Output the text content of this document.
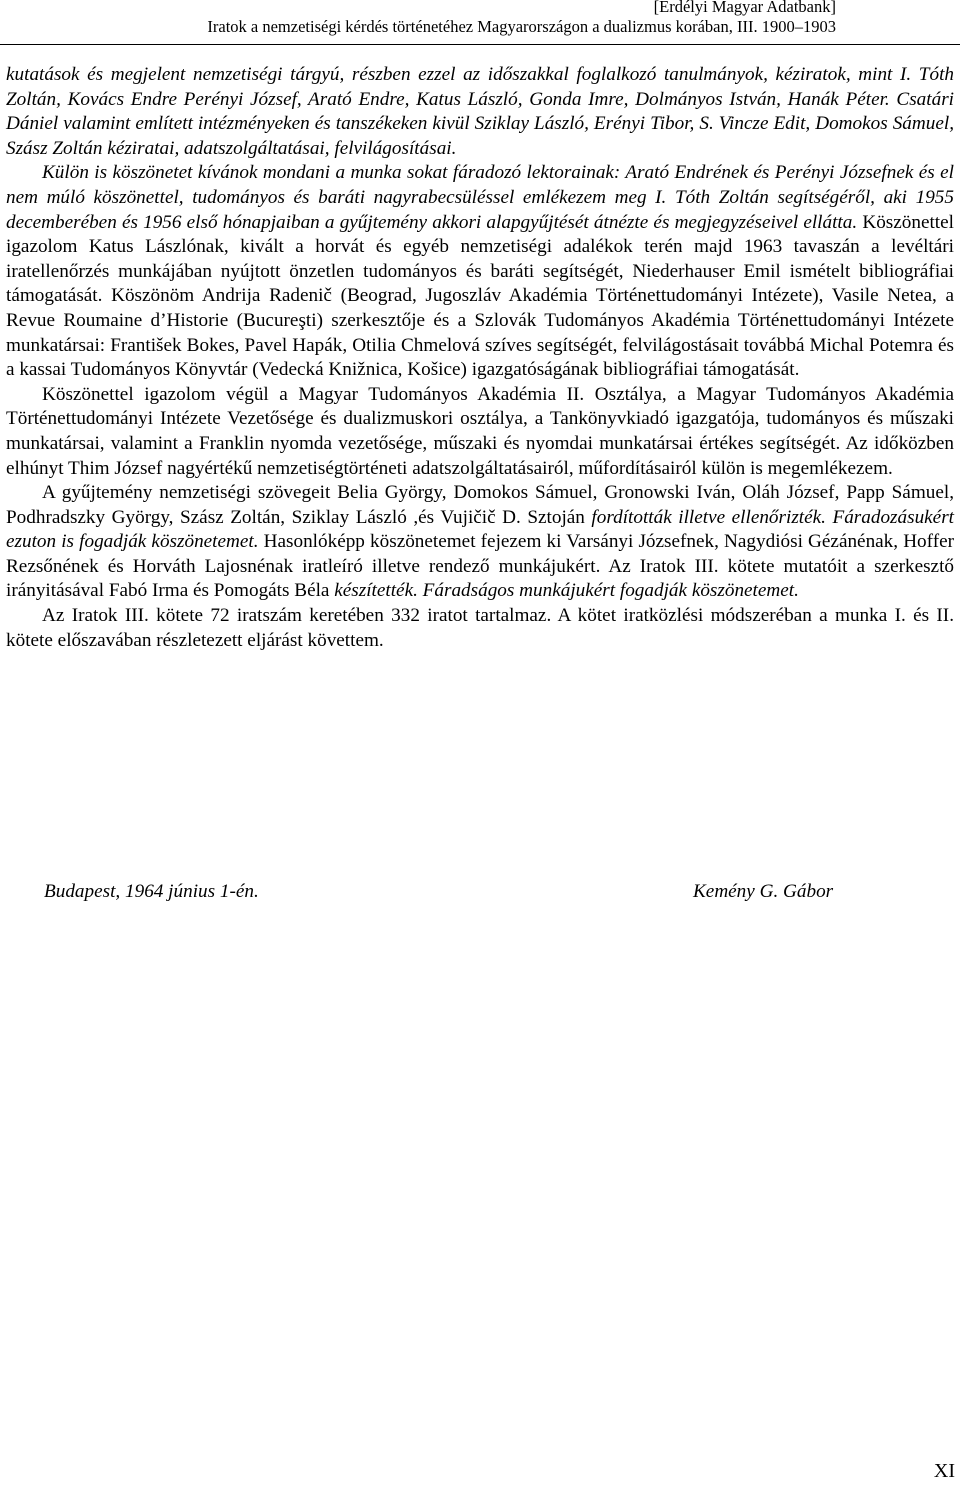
[Erdélyi Magyar Adatbank]
Iratok a nemzetiségi kérdés történetéhez Magyarországon a dualizmus korában, III. 1900–1903

kutatások és megjelent nemzetiségi tárgyú, részben ezzel az időszakkal foglalkozó tanulmányok, kéziratok, mint I. Tóth Zoltán, Kovács Endre Perényi József, Arató Endre, Katus László, Gonda Imre, Dolmányos István, Hanák Péter. Csatári Dániel valamint említett intézményeken és tanszékeken kivül Sziklay László, Erényi Tibor, S. Vincze Edit, Domokos Sámuel, Szász Zoltán kéziratai, adatszolgáltatásai, felvilágosításai.

Külön is köszönetet kívánok mondani a munka sokat fáradozó lektorainak: Arató Endrének és Perényi Józsefnek és el nem múló köszönettel, tudományos és baráti nagyrabecsüléssel emlékezem meg I. Tóth Zoltán segítségéről, aki 1955 decemberében és 1956 első hónapjaiban a gyűjtemény akkori alapgyűjtését átnézte és megjegyzéseivel ellátta. Köszönettel igazolom Katus Lászlónak, kivált a horvát és egyéb nemzetiségi adalékok terén majd 1963 tavaszán a levéltári iratellenőrzés munkájában nyújtott önzetlen tudományos és baráti segítségét, Niederhauser Emil ismételt bibliográfiai támogatását. Köszönöm Andrija Radenič (Beograd, Jugoszláv Akadémia Történettudományi Intézete), Vasile Netea, a Revue Roumaine d’Historie (Bucureşti) szerkesztője és a Szlovák Tudományos Akadémia Történettudományi Intézete munkatársai: František Bokes, Pavel Hapák, Otilia Chmelová szíves segítségét, felvilágostásait továbbá Michal Potemra és a kassai Tudományos Könyvtár (Vedecká Knižnica, Košice) igazgatóságának bibliográfiai támogatását.

Köszönettel igazolom végül a Magyar Tudományos Akadémia II. Osztálya, a Magyar Tudományos Akadémia Történettudományi Intézete Vezetősége és dualizmuskori osztálya, a Tankönyvkiadó igazgatója, tudományos és műszaki munkatársai, valamint a Franklin nyomda vezetősége, műszaki és nyomdai munkatársai értékes segítségét. Az időközben elhúnyt Thim József nagyértékű nemzetiségtörténeti adatszolgáltatásairól, műfordításairól külön is megemlékezem.

A gyűjtemény nemzetiségi szövegeit Belia György, Domokos Sámuel, Gronowski Iván, Oláh József, Papp Sámuel, Podhradszky György, Szász Zoltán, Sziklay László ,és Vujičič D. Sztoján fordították illetve ellenőrizték. Fáradozásukért ezuton is fogadják köszönetemet. Hasonlóképp köszönetemet fejezem ki Varsányi Józsefnek, Nagydiósi Gézánénak, Hoffer Rezsőnének és Horváth Lajosnénak iratleíró illetve rendező munkájukért. Az Iratok III. kötete mutatóit a szerkesztő irányitásával Fabó Irma és Pomogáts Béla készítették. Fáradságos munkájukért fogadják köszönetemet.

Az Iratok III. kötete 72 iratszám keretében 332 iratot tartalmaz. A kötet iratközlési módszeréban a munka I. és II. kötete előszavában részletezett eljárást követtem.

Budapest, 1964 június 1-én.	Kemény G. Gábor
XI
